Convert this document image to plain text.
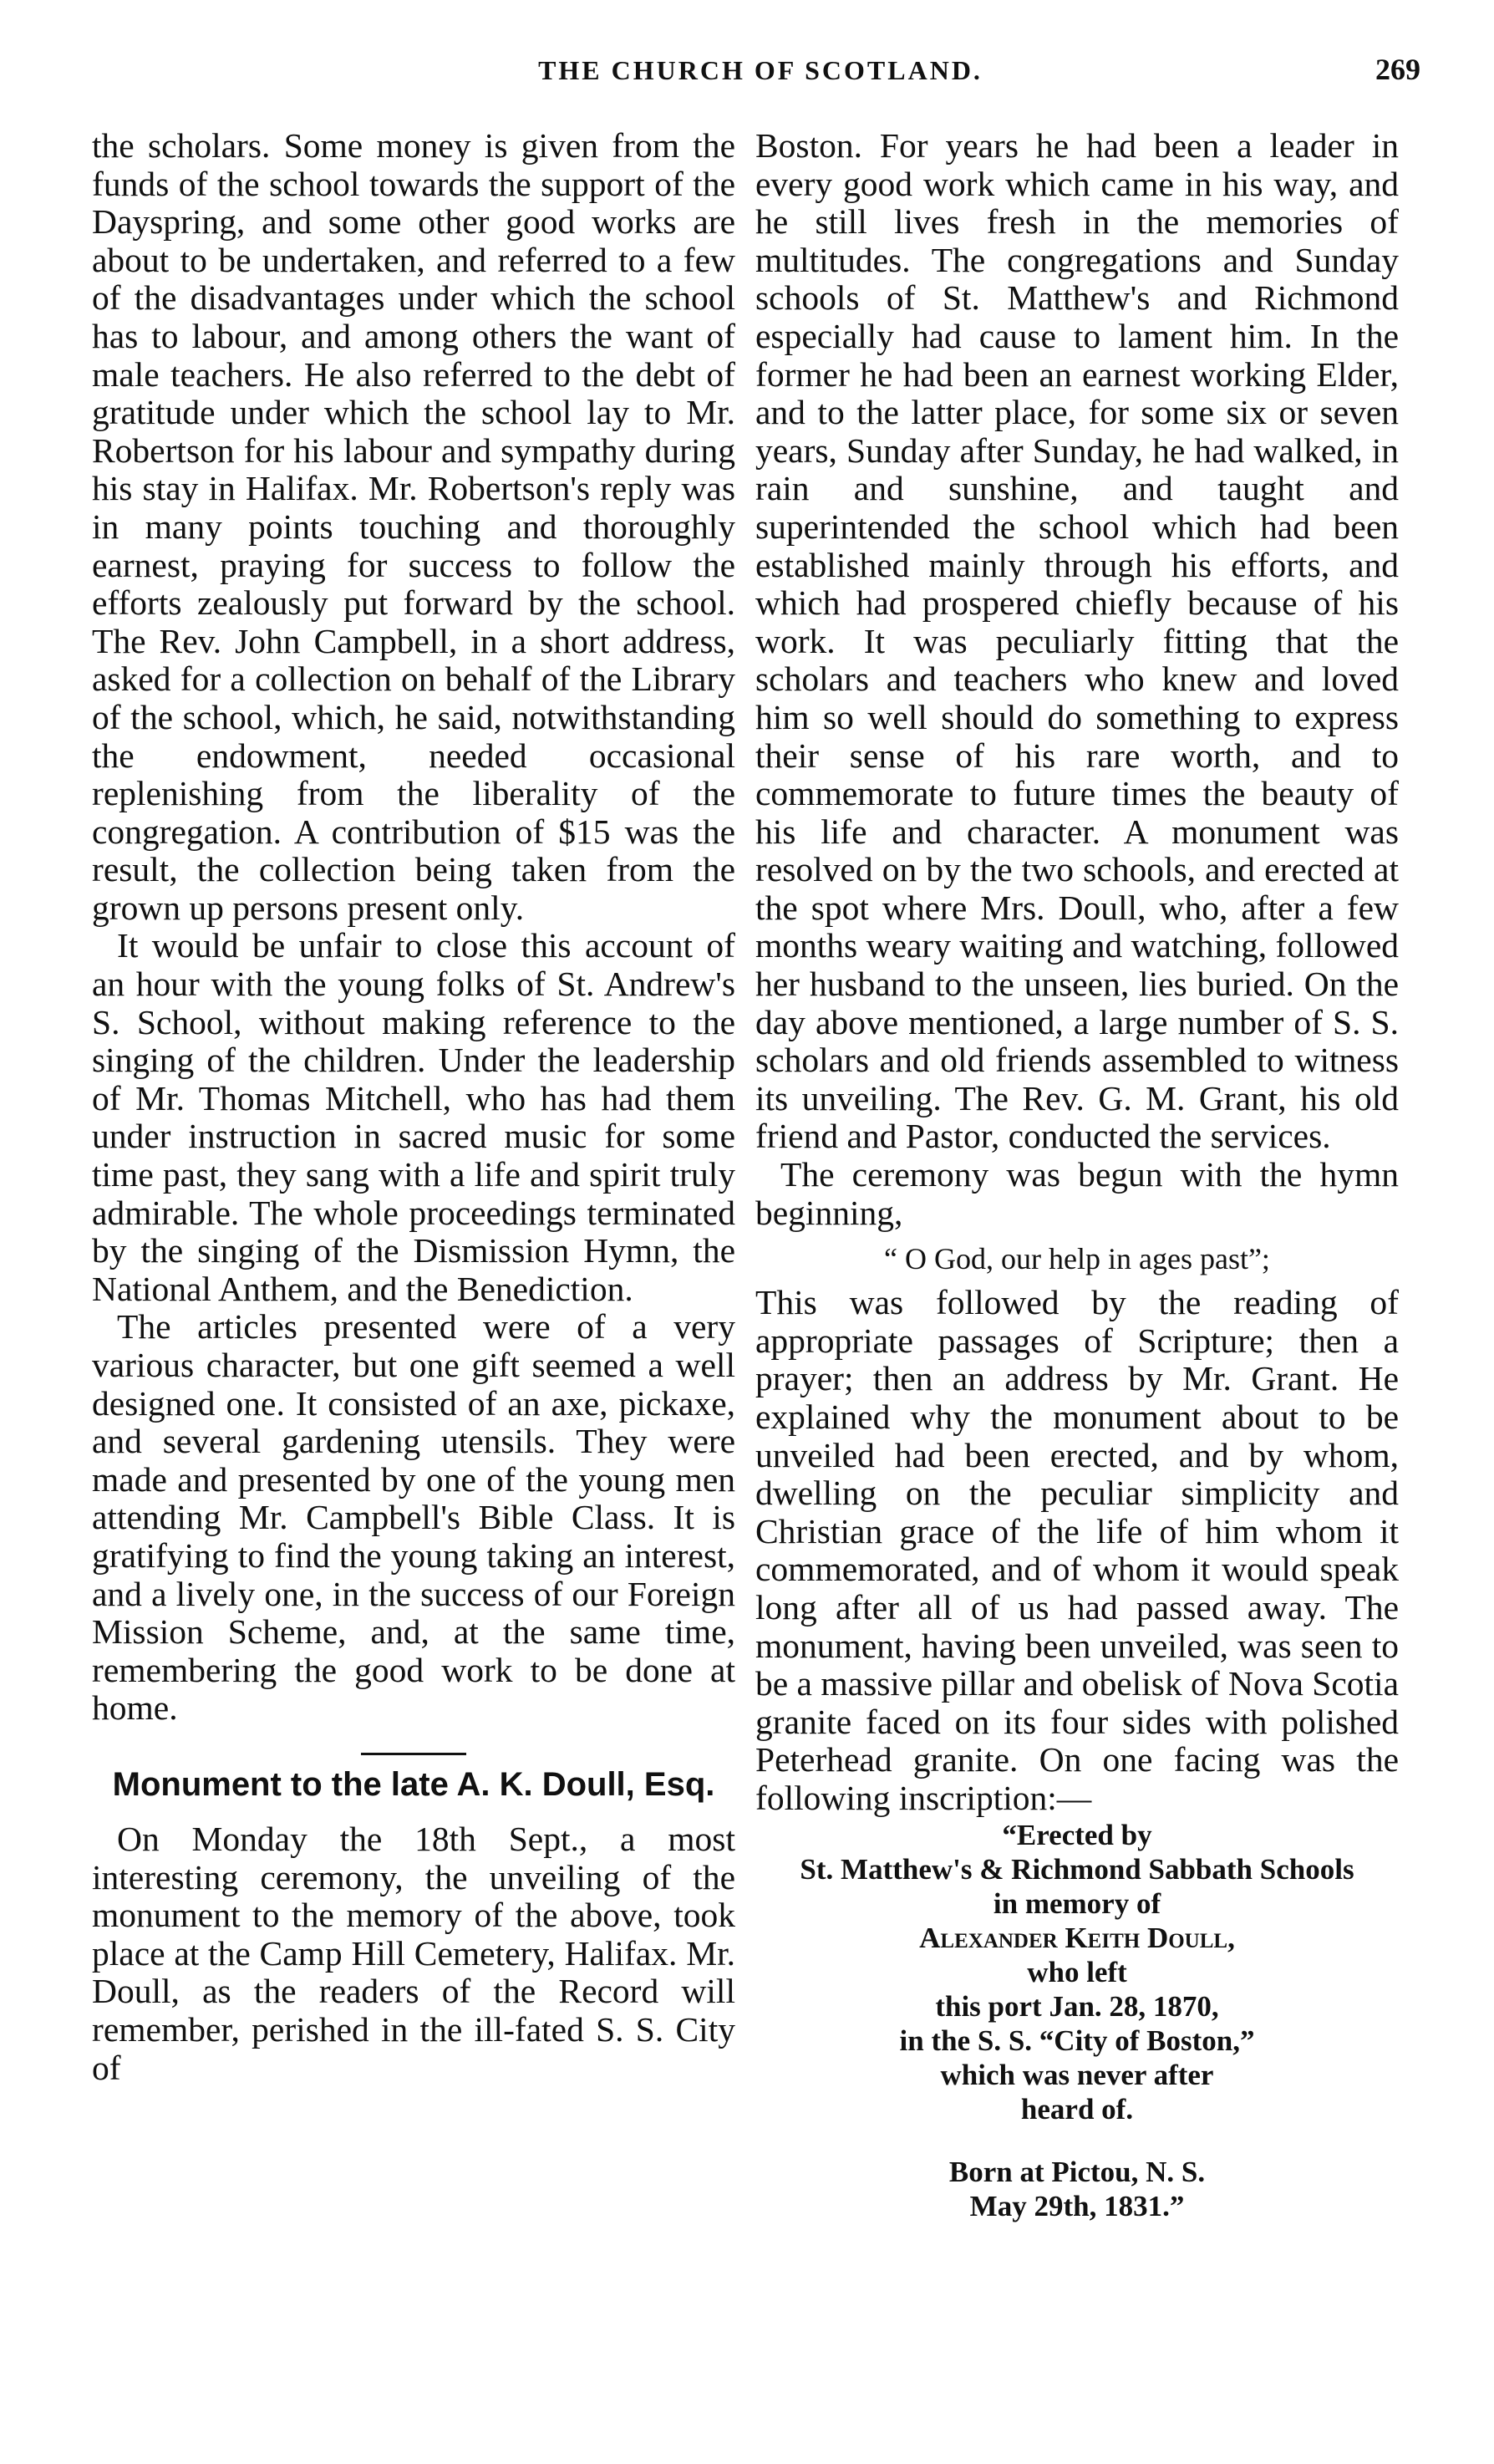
THE CHURCH OF SCOTLAND.	269

the scholars. Some money is given from the funds of the school towards the support of the Dayspring, and some other good works are about to be undertaken, and referred to a few of the disadvantages under which the school has to labour, and among others the want of male teachers. He also referred to the debt of gratitude under which the school lay to Mr. Robertson for his labour and sympathy during his stay in Halifax. Mr. Robertson's reply was in many points touching and thoroughly earnest, praying for success to follow the efforts zealously put forward by the school. The Rev. John Campbell, in a short address, asked for a collection on behalf of the Library of the school, which, he said, notwithstanding the endowment, needed occasional replenishing from the liberality of the congregation. A contribution of $15 was the result, the collection being taken from the grown up persons present only.

It would be unfair to close this account of an hour with the young folks of St. Andrew's S. School, without making reference to the singing of the children. Under the leadership of Mr. Thomas Mitchell, who has had them under instruction in sacred music for some time past, they sang with a life and spirit truly admirable. The whole proceedings terminated by the singing of the Dismission Hymn, the National Anthem, and the Benediction.

The articles presented were of a very various character, but one gift seemed a well designed one. It consisted of an axe, pickaxe, and several gardening utensils. They were made and presented by one of the young men attending Mr. Campbell's Bible Class. It is gratifying to find the young taking an interest, and a lively one, in the success of our Foreign Mission Scheme, and, at the same time, remembering the good work to be done at home.

Monument to the late A. K. Doull, Esq.

On Monday the 18th Sept., a most interesting ceremony, the unveiling of the monument to the memory of the above, took place at the Camp Hill Cemetery, Halifax. Mr. Doull, as the readers of the Record will remember, perished in the ill-fated S. S. City of

Boston. For years he had been a leader in every good work which came in his way, and he still lives fresh in the memories of multitudes. The congregations and Sunday schools of St. Matthew's and Richmond especially had cause to lament him. In the former he had been an earnest working Elder, and to the latter place, for some six or seven years, Sunday after Sunday, he had walked, in rain and sunshine, and taught and superintended the school which had been established mainly through his efforts, and which had prospered chiefly because of his work. It was peculiarly fitting that the scholars and teachers who knew and loved him so well should do something to express their sense of his rare worth, and to commemorate to future times the beauty of his life and character. A monument was resolved on by the two schools, and erected at the spot where Mrs. Doull, who, after a few months weary waiting and watching, followed her husband to the unseen, lies buried. On the day above mentioned, a large number of S. S. scholars and old friends assembled to witness its unveiling. The Rev. G. M. Grant, his old friend and Pastor, conducted the services.

The ceremony was begun with the hymn beginning,

“ O God, our help in ages past”;

This was followed by the reading of appropriate passages of Scripture; then a prayer; then an address by Mr. Grant. He explained why the monument about to be unveiled had been erected, and by whom, dwelling on the peculiar simplicity and Christian grace of the life of him whom it commemorated, and of whom it would speak long after all of us had passed away. The monument, having been unveiled, was seen to be a massive pillar and obelisk of Nova Scotia granite faced on its four sides with polished Peterhead granite. On one facing was the following inscription:—

“Erected by
St. Matthew's & Richmond Sabbath Schools
in memory of
Alexander Keith Doull,
who left
this port Jan. 28, 1870,
in the S. S. “City of Boston,”
which was never after
heard of.
Born at Pictou, N. S.
May 29th, 1831.”
